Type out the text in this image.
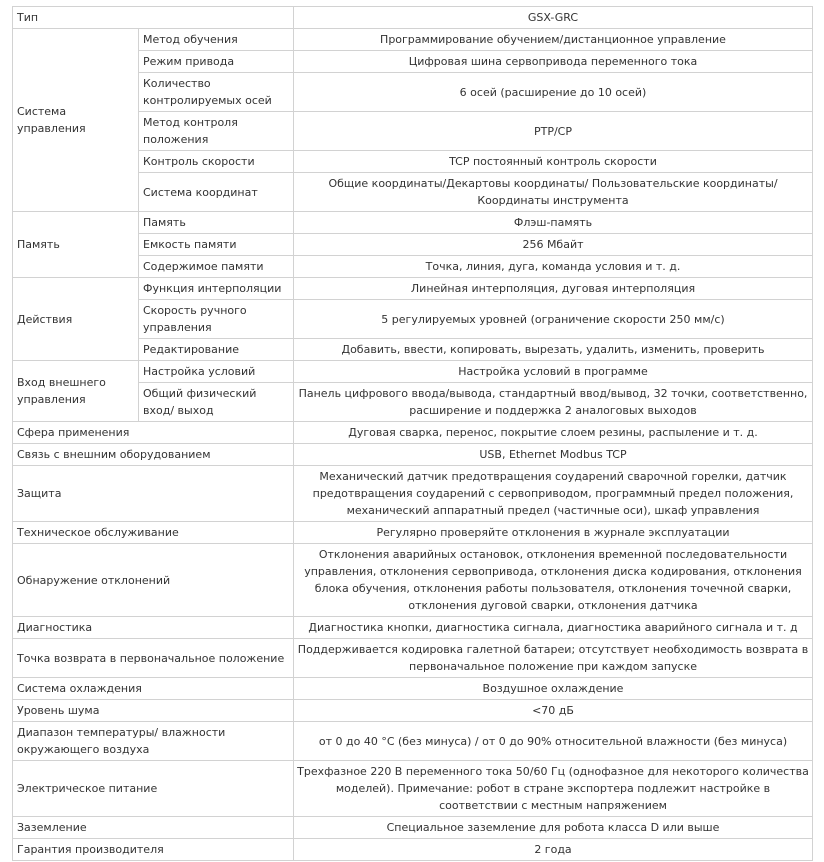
Тип		GSX-GRC
Система управления	Метод обучения	Программирование обучением/дистанционное управление
	Режим привода	Цифровая шина сервопривода переменного тока
	Количество контролируемых осей	6 осей (расширение до 10 осей)
	Метод контроля положения	PTP/CP
	Контроль скорости	TCP постоянный контроль скорости
	Система координат	Общие координаты/Декартовы координаты/ Пользовательские координаты/Координаты инструмента
Память	Память	Флэш-память
	Емкость памяти	256 Мбайт
	Содержимое памяти	Точка, линия, дуга, команда условия и т. д.
Действия	Функция интерполяции	Линейная интерполяция, дуговая интерполяция
	Скорость ручного управления	5 регулируемых уровней (ограничение скорости 250 мм/с)
	Редактирование	Добавить, ввести, копировать, вырезать, удалить, изменить, проверить
Вход внешнего управления	Настройка условий	Настройка условий в программе
	Общий физический вход/ выход	Панель цифрового ввода/вывода, стандартный ввод/вывод, 32 точки, соответственно, расширение и поддержка 2 аналоговых выходов
Сфера применения		Дуговая сварка, перенос, покрытие слоем резины, распыление и т. д.
Связь с внешним оборудованием		USB, Ethernet Modbus TCP
Защита		Механический датчик предотвращения соударений сварочной горелки, датчик предотвращения соударений с сервоприводом, программный предел положения, механический аппаратный предел (частичные оси), шкаф управления
Техническое обслуживание		Регулярно проверяйте отклонения в журнале эксплуатации
Обнаружение отклонений		Отклонения аварийных остановок, отклонения временной последовательности управления, отклонения сервопривода, отклонения диска кодирования, отклонения блока обучения, отклонения работы пользователя, отклонения точечной сварки, отклонения дуговой сварки, отклонения датчика
Диагностика		Диагностика кнопки, диагностика сигнала, диагностика аварийного сигнала и т. д
Точка возврата в первоначальное положение		Поддерживается кодировка галетной батареи; отсутствует необходимость возврата в первоначальное положение при каждом запуске
Система охлаждения		Воздушное охлаждение
Уровень шума		<70 дБ
Диапазон температуры/ влажности окружающего воздуха		от 0 до 40 °C (без минуса) / от 0 до 90% относительной влажности (без минуса)
Электрическое питание		Трехфазное 220 В переменного тока 50/60 Гц (однофазное для некоторого количества моделей). Примечание: робот в стране экспортера подлежит настройке в соответствии с местным напряжением
Заземление		Специальное заземление для робота класса D или выше
Гарантия производителя		2 года
